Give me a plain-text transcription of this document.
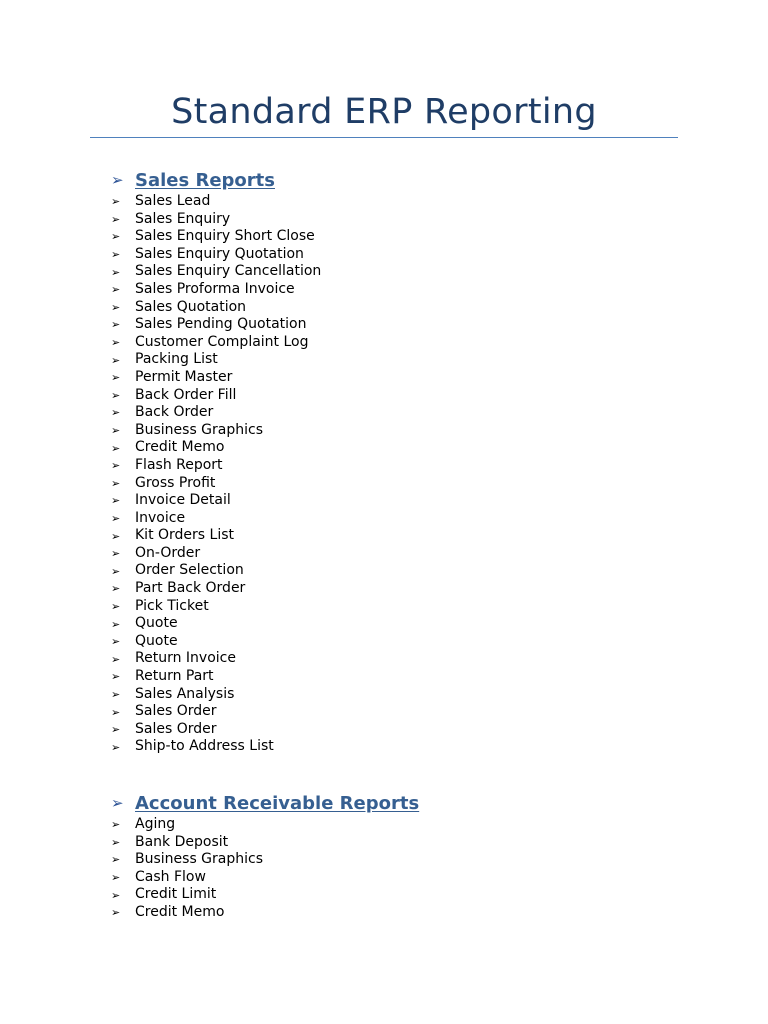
Standard ERP Reporting
➢ Sales Reports
➢	Sales Lead
➢	Sales Enquiry
➢	Sales Enquiry Short Close
➢	Sales Enquiry Quotation
➢	Sales Enquiry Cancellation
➢	Sales Proforma Invoice
➢	Sales Quotation
➢	Sales Pending Quotation
➢	Customer Complaint Log
➢	Packing List
➢	Permit Master
➢	Back Order Fill
➢	Back Order
➢	Business Graphics
➢	Credit Memo
➢	Flash Report
➢	Gross Profit
➢	Invoice Detail
➢	Invoice
➢	Kit Orders List
➢	On-Order
➢	Order Selection
➢	Part Back Order
➢	Pick Ticket
➢	Quote
➢	Quote
➢	Return Invoice
➢	Return Part
➢	Sales Analysis
➢	Sales Order
➢	Sales Order
➢	Ship-to Address List
➢ Account Receivable Reports
➢	Aging
➢	Bank Deposit
➢	Business Graphics
➢	Cash Flow
➢	Credit Limit
➢	Credit Memo
